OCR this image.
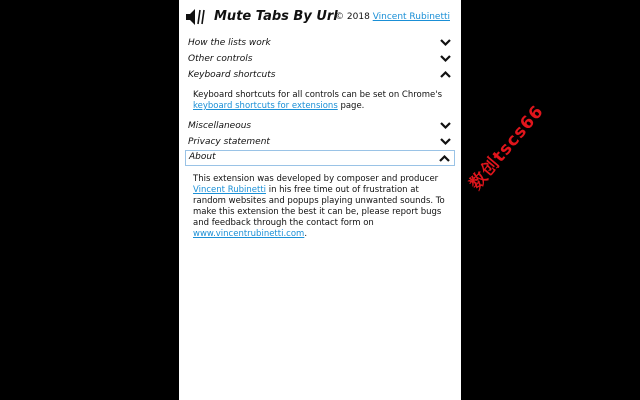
Mute Tabs By Url
© 2018 Vincent Rubinetti
How the lists work
Other controls
Keyboard shortcuts
Keyboard shortcuts for all controls can be set on Chrome's
keyboard shortcuts for extensions page.
Miscellaneous
Privacy statement
About
This extension was developed by composer and producer Vincent Rubinetti in his free time out of frustration at random websites and popups playing unwanted sounds. To make this extension the best it can be, please report bugs and feedback through the contact form on www.vincentrubinetti.com.
数创tscs66
